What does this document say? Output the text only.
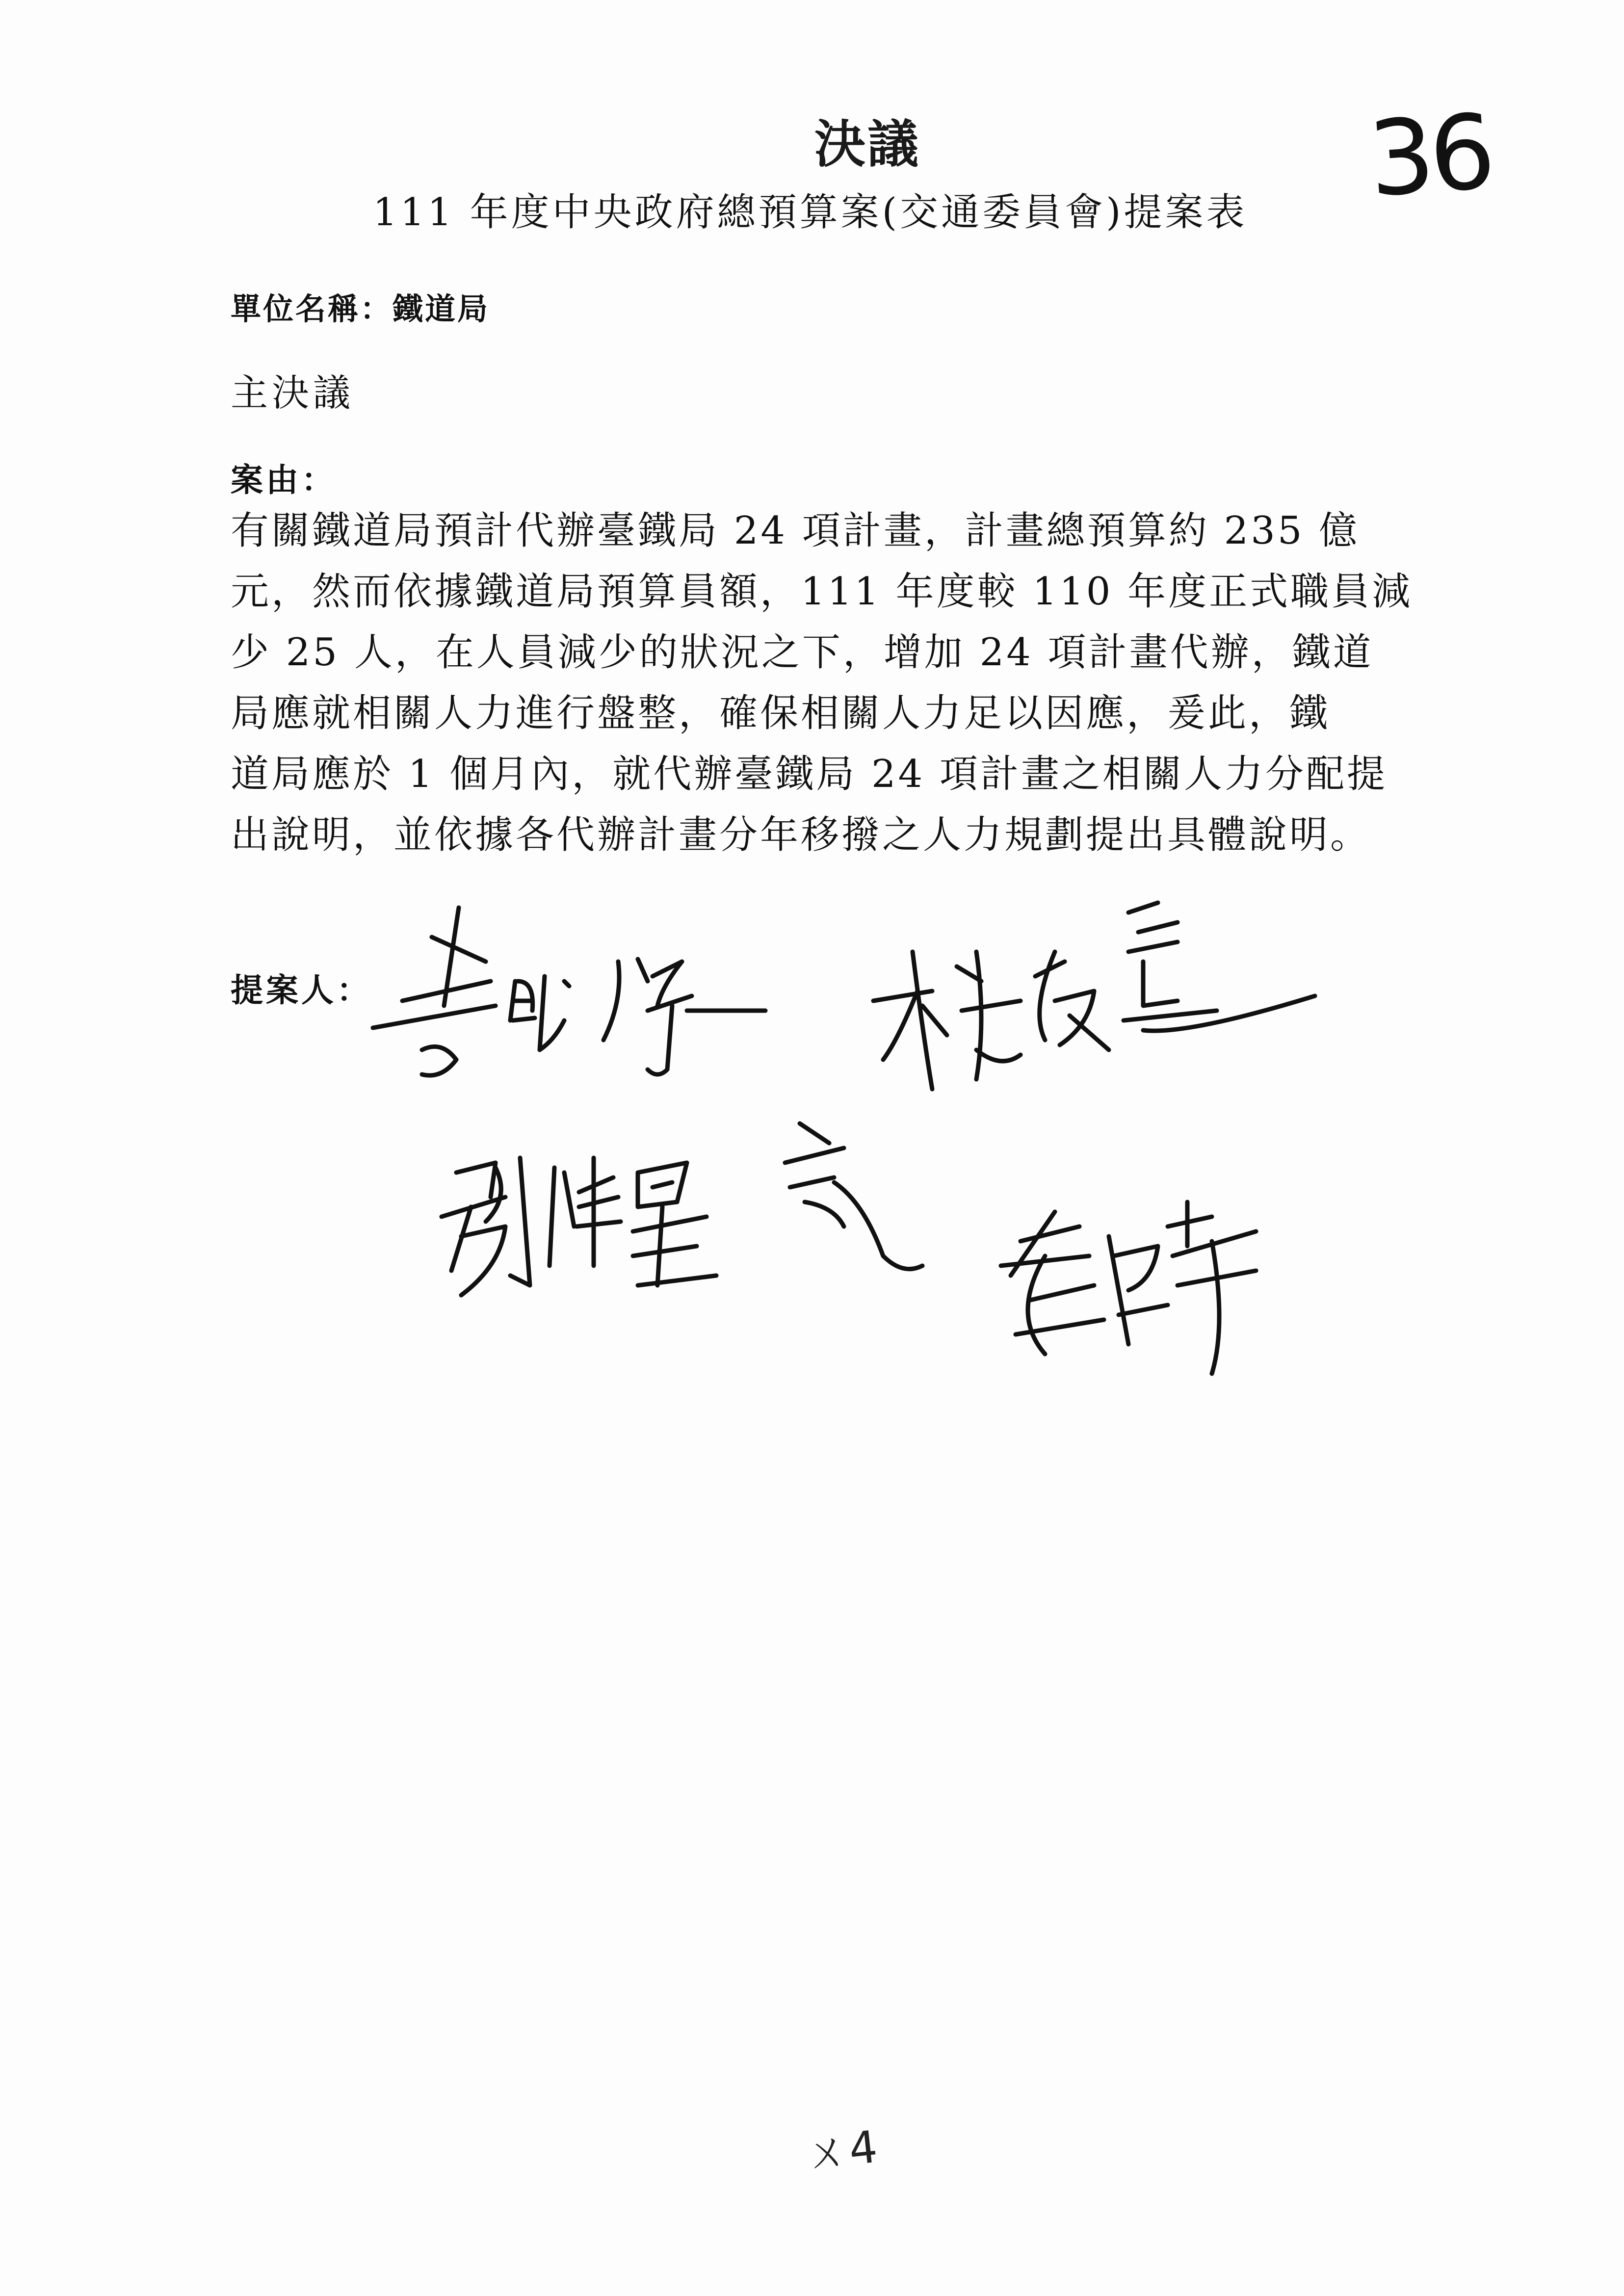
決議	36
111 年度中央政府總預算案(交通委員會)提案表
單位名稱：鐵道局
主決議
案由：
有關鐵道局預計代辦臺鐵局 24 項計畫，計畫總預算約 235 億
元，然而依據鐵道局預算員額，111 年度較 110 年度正式職員減
少 25 人，在人員減少的狀況之下，增加 24 項計畫代辦，鐵道
局應就相關人力進行盤整，確保相關人力足以因應，爰此，鐵
道局應於 1 個月內，就代辦臺鐵局 24 項計畫之相關人力分配提
出說明，並依據各代辦計畫分年移撥之人力規劃提出具體說明。
提案人：
ㄨ4
